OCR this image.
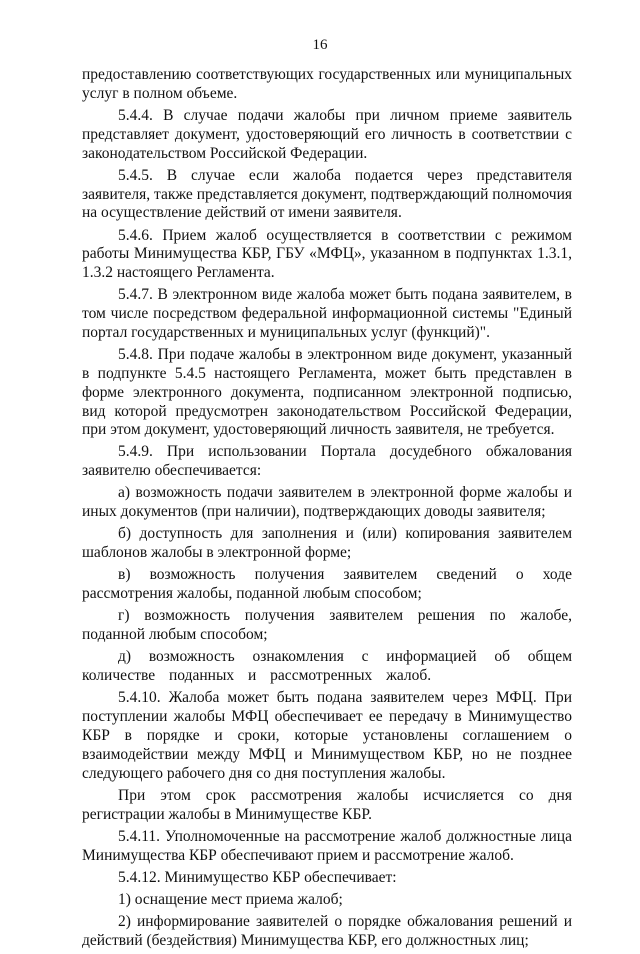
16

предоставлению соответствующих государственных или муниципальных услуг в полном объеме.

5.4.4. В случае подачи жалобы при личном приеме заявитель представляет документ, удостоверяющий его личность в соответствии с законодательством Российской Федерации.

5.4.5. В случае если жалоба подается через представителя заявителя, также представляется документ, подтверждающий полномочия на осуществление действий от имени заявителя.

5.4.6. Прием жалоб осуществляется в соответствии с режимом работы Минимущества КБР, ГБУ «МФЦ», указанном в подпунктах 1.3.1, 1.3.2 настоящего Регламента.

5.4.7. В электронном виде жалоба может быть подана заявителем, в том числе посредством федеральной информационной системы "Единый портал государственных и муниципальных услуг (функций)".

5.4.8. При подаче жалобы в электронном виде документ, указанный в подпункте 5.4.5 настоящего Регламента, может быть представлен в форме электронного документа, подписанном электронной подписью, вид которой предусмотрен законодательством Российской Федерации, при этом документ, удостоверяющий личность заявителя, не требуется.

5.4.9. При использовании Портала досудебного обжалования заявителю обеспечивается:

а) возможность подачи заявителем в электронной форме жалобы и иных документов (при наличии), подтверждающих доводы заявителя;

б) доступность для заполнения и (или) копирования заявителем шаблонов жалобы в электронной форме;

в) возможность получения заявителем сведений о ходе рассмотрения жалобы, поданной любым способом;

г) возможность получения заявителем решения по жалобе, поданной любым способом;

д) возможность ознакомления с информацией об общем количестве поданных и рассмотренных жалоб.

5.4.10. Жалоба может быть подана заявителем через МФЦ. При поступлении жалобы МФЦ обеспечивает ее передачу в Минимущество КБР в порядке и сроки, которые установлены соглашением о взаимодействии между МФЦ и Минимуществом КБР, но не позднее следующего рабочего дня со дня поступления жалобы.

При этом срок рассмотрения жалобы исчисляется со дня регистрации жалобы в Минимуществе КБР.

5.4.11. Уполномоченные на рассмотрение жалоб должностные лица Минимущества КБР обеспечивают прием и рассмотрение жалоб.

5.4.12. Минимущество КБР обеспечивает:

1) оснащение мест приема жалоб;

2) информирование заявителей о порядке обжалования решений и действий (бездействия) Минимущества КБР, его должностных лиц;
